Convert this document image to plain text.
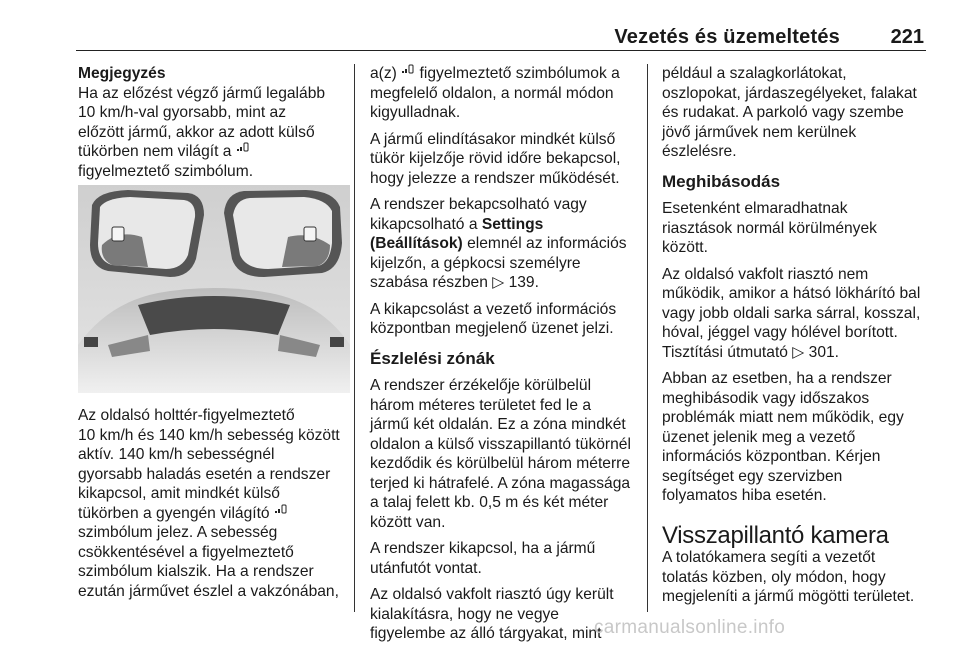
Vezetés és üzemeltetés	221

Megjegyzés
Ha az előzést végző jármű legalább
10 km/h-val gyorsabb, mint az
előzött jármű, akkor az adott külső
tükörben nem világít a
figyelmeztető szimbólum.

Az oldalsó holttér-figyelmeztető
10 km/h és 140 km/h sebesség között
aktív. 140 km/h sebességnél
gyorsabb haladás esetén a rendszer
kikapcsol, amit mindkét külső
tükörben a gyengén világító
szimbólum jelez. A sebesség
csökkentésével a figyelmeztető
szimbólum kialszik. Ha a rendszer
ezután járművet észlel a vakzónában,

a(z) figyelmeztető szimbólumok a
megfelelő oldalon, a normál módon
kigyulladnak.

A jármű elindításakor mindkét külső
tükör kijelzője rövid időre bekapcsol,
hogy jelezze a rendszer működését.

A rendszer bekapcsolható vagy
kikapcsolható a Settings
(Beállítások) elemnél az információs
kijelzőn, a gépkocsi személyre
szabása részben ▷ 139.

A kikapcsolást a vezető információs
központban megjelenő üzenet jelzi.

Észlelési zónák

A rendszer érzékelője körülbelül
három méteres területet fed le a
jármű két oldalán. Ez a zóna mindkét
oldalon a külső visszapillantó tükörnél
kezdődik és körülbelül három méterre
terjed ki hátrafelé. A zóna magassága
a talaj felett kb. 0,5 m és két méter
között van.

A rendszer kikapcsol, ha a jármű
utánfutót vontat.

Az oldalsó vakfolt riasztó úgy került
kialakításra, hogy ne vegye
figyelembe az álló tárgyakat, mint

például a szalagkorlátokat,
oszlopokat, járdaszegélyeket, falakat
és rudakat. A parkoló vagy szembe
jövő járművek nem kerülnek
észlelésre.

Meghibásodás

Esetenként elmaradhatnak
riasztások normál körülmények
között.

Az oldalsó vakfolt riasztó nem
működik, amikor a hátsó lökhárító bal
vagy jobb oldali sarka sárral, kosszal,
hóval, jéggel vagy hólével borított.
Tisztítási útmutató ▷ 301.

Abban az esetben, ha a rendszer
meghibásodik vagy időszakos
problémák miatt nem működik, egy
üzenet jelenik meg a vezető
információs központban. Kérjen
segítséget egy szervizben
folyamatos hiba esetén.

Visszapillantó kamera

A tolatókamera segíti a vezetőt
tolatás közben, oly módon, hogy
megjeleníti a jármű mögötti területet.

carmanualsonline.info
